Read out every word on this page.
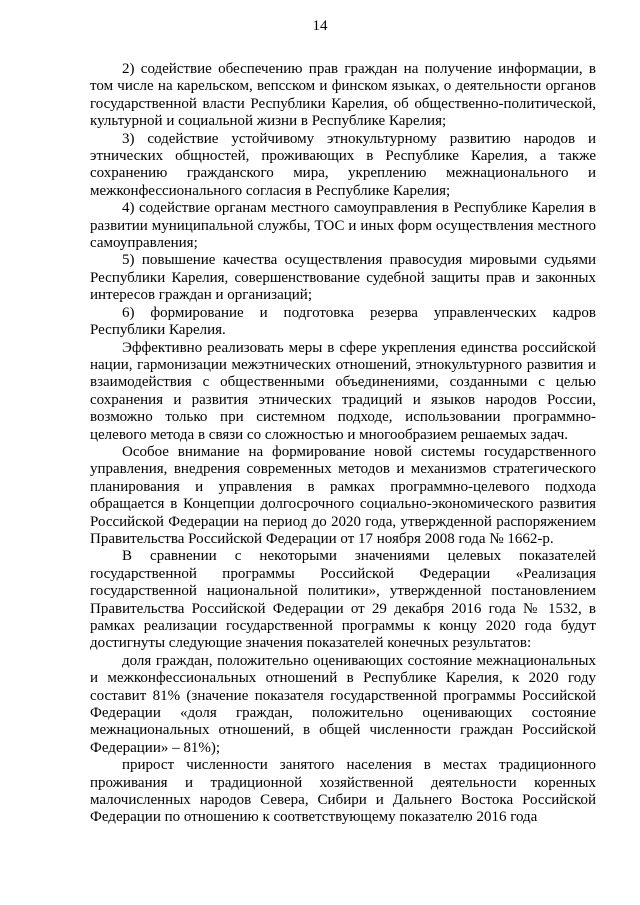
14

2) содействие обеспечению прав граждан на получение информации, в том числе на карельском, вепсском и финском языках, о деятельности органов государственной власти Республики Карелия, об общественно-политической, культурной и социальной жизни в Республике Карелия;

3) содействие устойчивому этнокультурному развитию народов и этнических общностей, проживающих в Республике Карелия, а также сохранению гражданского мира, укреплению межнационального и межконфессионального согласия в Республике Карелия;

4) содействие органам местного самоуправления в Республике Карелия в развитии муниципальной службы, ТОС и иных форм осуществления местного самоуправления;

5) повышение качества осуществления правосудия мировыми судьями Республики Карелия, совершенствование судебной защиты прав и законных интересов граждан и организаций;

6) формирование и подготовка резерва управленческих кадров Республики Карелия.

Эффективно реализовать меры в сфере укрепления единства российской нации, гармонизации межэтнических отношений, этнокультурного развития и взаимодействия с общественными объединениями, созданными с целью сохранения и развития этнических традиций и языков народов России, возможно только при системном подходе, использовании программно-целевого метода в связи со сложностью и многообразием решаемых задач.

Особое внимание на формирование новой системы государственного управления, внедрения современных методов и механизмов стратегического планирования и управления в рамках программно-целевого подхода обращается в Концепции долгосрочного социально-экономического развития Российской Федерации на период до 2020 года, утвержденной распоряжением Правительства Российской Федерации от 17 ноября 2008 года № 1662-р.

В сравнении с некоторыми значениями целевых показателей государственной программы Российской Федерации «Реализация государственной национальной политики», утвержденной постановлением Правительства Российской Федерации от 29 декабря 2016 года № 1532, в рамках реализации государственной программы к концу 2020 года будут достигнуты следующие значения показателей конечных результатов:

доля граждан, положительно оценивающих состояние межнациональных и межконфессиональных отношений в Республике Карелия, к 2020 году составит 81% (значение показателя государственной программы Российской Федерации «доля граждан, положительно оценивающих состояние межнациональных отношений, в общей численности граждан Российской Федерации» – 81%);

прирост численности занятого населения в местах традиционного проживания и традиционной хозяйственной деятельности коренных малочисленных народов Севера, Сибири и Дальнего Востока Российской Федерации по отношению к соответствующему показателю 2016 года
